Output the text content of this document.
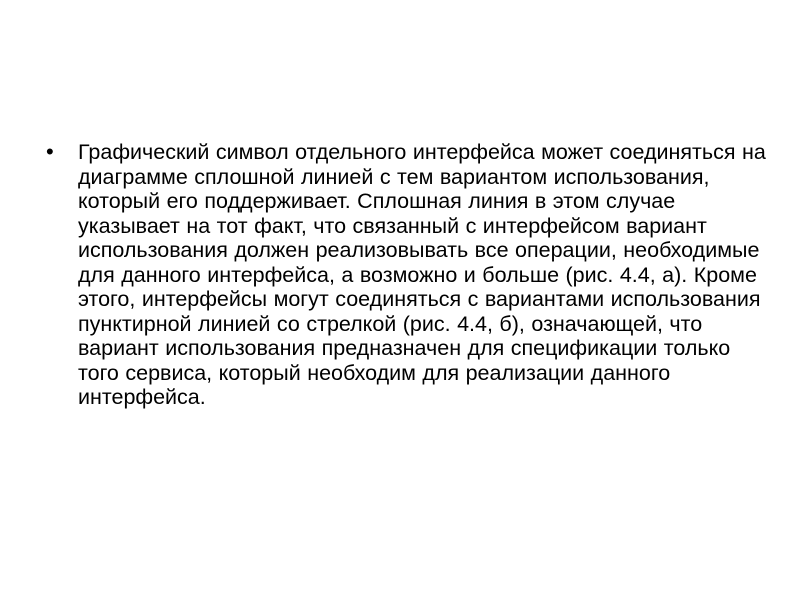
•	Графический символ отдельного интерфейса может соединяться на диаграмме сплошной линией с тем вариантом использования, который его поддерживает. Сплошная линия в этом случае указывает на тот факт, что связанный с интерфейсом вариант использования должен реализовывать все операции, необходимые для данного интерфейса, а возможно и больше (рис. 4.4, а). Кроме этого, интерфейсы могут соединяться с вариантами использования пунктирной линией со стрелкой (рис. 4.4, б), означающей, что вариант использования предназначен для спецификации только того сервиса, который необходим для реализации данного интерфейса.
